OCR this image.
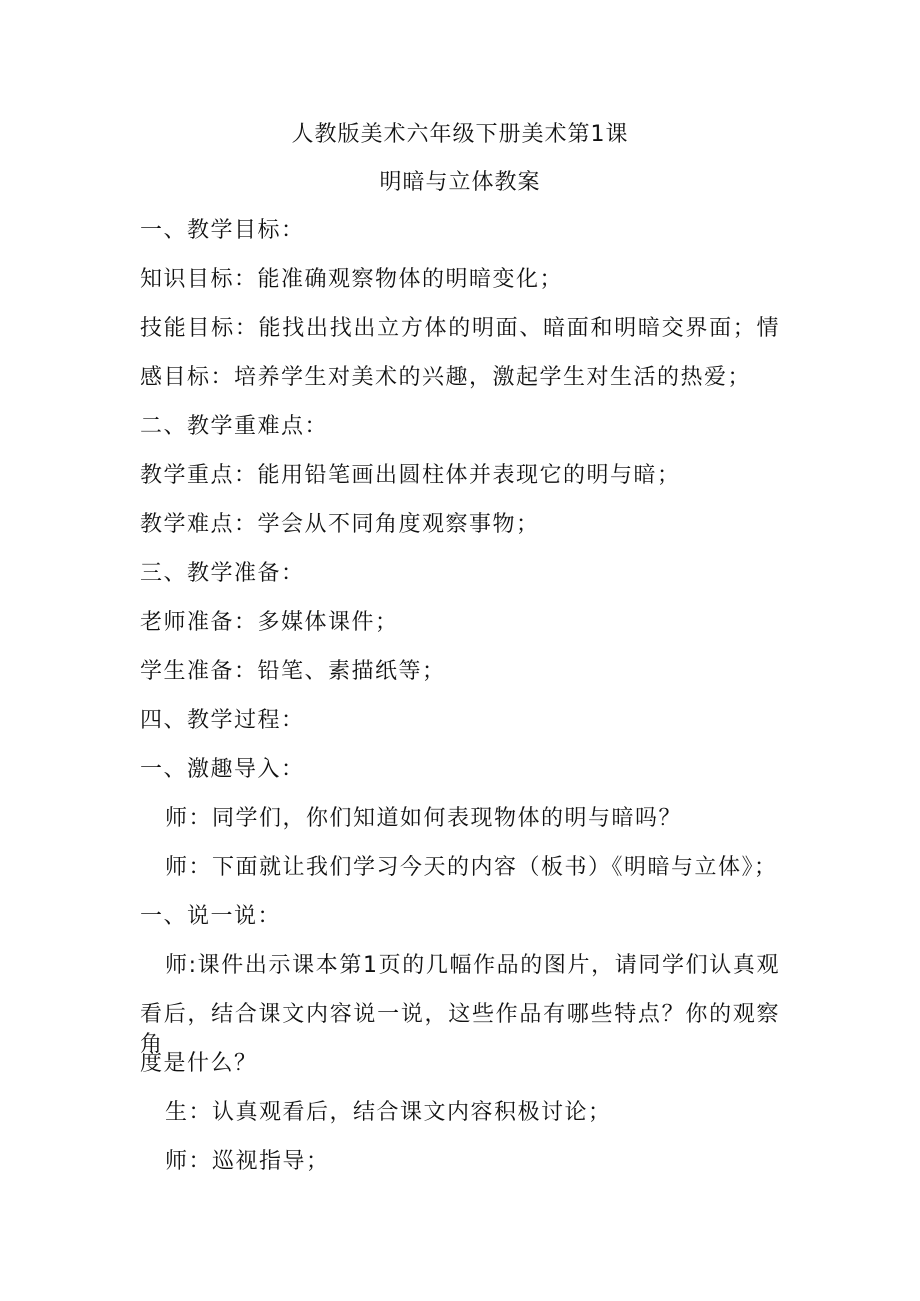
人教版美术六年级下册美术第1课
明暗与立体教案
一、教学目标：
知识目标：能准确观察物体的明暗变化；
技能目标：能找出找出立方体的明面、暗面和明暗交界面；情
感目标：培养学生对美术的兴趣，激起学生对生活的热爱；
二、教学重难点：
教学重点：能用铅笔画出圆柱体并表现它的明与暗；
教学难点：学会从不同角度观察事物；
三、教学准备：
老师准备：多媒体课件；
学生准备：铅笔、素描纸等；
四、教学过程：
一、激趣导入：
师：同学们，你们知道如何表现物体的明与暗吗？
师：下面就让我们学习今天的内容（板书）《明暗与立体》；
一、说一说：
师:课件出示课本第1页的几幅作品的图片，请同学们认真观
看后，结合课文内容说一说，这些作品有哪些特点？你的观察角
度是什么？
生：认真观看后，结合课文内容积极讨论；
师：巡视指导；
